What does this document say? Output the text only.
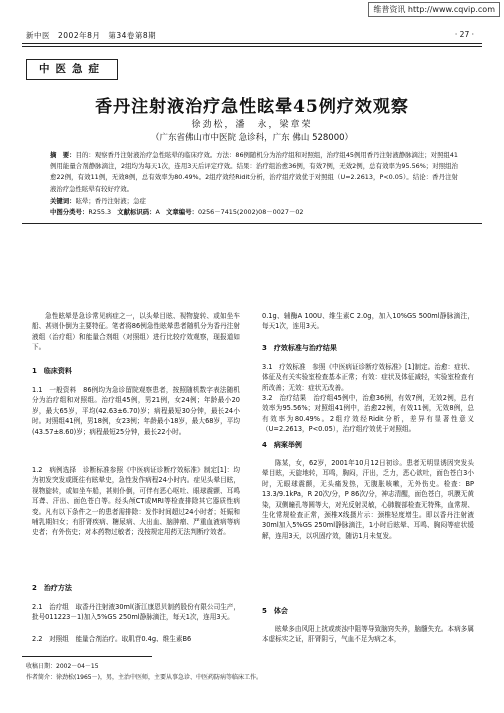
维普资讯 http://www.cqvip.com
新中医　2002年8月　第34卷第8期	· 27 ·
中医急症
香丹注射液治疗急性眩晕45例疗效观察
徐劲松，潘　永，梁章荣
（广东省佛山市中医院 急诊科，广东 佛山 528000）
摘　要：目的：观察香丹注射液治疗急性眩晕的临床疗效。方法：86例随机分为治疗组和对照组，治疗组45例用香丹注射液静脉滴注；对照组41例用能量合剂静脉滴注，2组均为每天1次，连用3天后评定疗效。结果：治疗组治愈36例，有效7例，无效2例，总有效率为95.56%；对照组治愈22例，有效11例，无效8例，总有效率为80.49%。2组疗效经Ridit分析，治疗组疗效优于对照组（U=2.2613，P<0.05）。结论：香丹注射液治疗急性眩晕有较好疗效。
关键词：眩晕；香丹注射液；急症
中图分类号：R255.3 文献标识码：A 文章编号：0256－7415(2002)08－0027－02
急性眩晕是急诊常见病症之一，以头晕目眩、视物旋转、或如坐车船、甚则仆倒为主要特征。笔者将86例急性眩晕患者随机分为香丹注射液组（治疗组）和能量合剂组（对照组）进行比较疗效观察，现报道如下。
1　临床资料
1.1　一般资料　86例均为急诊留院观察患者，按照随机数字表法随机分为治疗组和对照组。治疗组45例，男21例，女24例；年龄最小20岁，最大65岁，平均(42.63±6.70)岁；病程最短30分钟，最长24小时。对照组41例，男18例，女23例；年龄最小18岁，最大68岁，平均(43.57±8.60)岁；病程最短25分钟，最长22小时。
1.2　病例选择　诊断标准参照《中医病证诊断疗效标准》制定[1]：均为初发突发或既往有眩晕史，急性发作病程24小时内。症见头晕目眩，视物旋转，或如坐车船，甚则仆倒，可伴有恶心呕吐、眼球震颤、耳鸣耳聋、汗出、面色苍白等。经头颅CT或MRI等检查排除其它器质性病变。凡有以下条件之一的患者需排除：发作时间超过24小时者；妊娠和哺乳期妇女；有肝肾疾病、糖尿病、大出血、脑肿瘤、严重血液病等病史者；有外伤史；对本药物过敏者；没按规定用药无法判断疗效者。
2　治疗方法
2.1　治疗组　取香丹注射液30ml(浙江康恩贝制药股份有限公司生产，批号011223－1)加入5%GS 250ml静脉滴注，每天1次，连用3天。
2.2　对照组　能量合剂治疗。取肌苷0.4g、维生素B6
0.1g、辅酶A 100U、维生素C 2.0g，加入10%GS 500ml静脉滴注，每天1次，连用3天。
3　疗效标准与治疗结果
3.1　疗效标准　参照《中医病证诊断疗效标准》[1]制定。治愈：症状、体征及有关实验室检查基本正常；有效：症状及体征减轻，实验室检查有所改善；无效：症状无改善。
3.2　治疗结果　治疗组45例中，治愈36例，有效7例，无效2例，总有效率为95.56%；对照组41例中，治愈22例，有效11例，无效8例，总有效率为80.49%。2组疗效经Ridit分析，差异有显著性意义（U=2.2613，P<0.05），治疗组疗效优于对照组。
4　病案举例
陈某，女，62岁，2001年10月12日初诊。患者无明显诱因突发头晕目眩，天旋地转，耳鸣，胸闷，汗出，乏力，恶心欲吐，面色苍白3小时，无眼球震颤，无头痛发热，无腹胀咳嗽，无外伤史。检查：BP 13.3/9.1kPa，R 20次/分，P 86次/分，神志清醒，面色苍白，巩膜无黄染，双侧瞳孔等圆等大，对光反射灵敏，心肺腹部检查无特殊，血常规、生化常规检查正常，颈椎X线摄片示：颈椎轻度增生。即以香丹注射液30ml加入5%GS 250ml静脉滴注，1小时后眩晕、耳鸣、胸闷等症状缓解，连用3天，以巩固疗效，随访1月未复发。
5　体会
眩晕多由风阳上扰或痰浊中阻等导致脑窍失养，脑髓失充。本病多属本虚标实之证，肝肾阴亏，气血不足为病之本，
收稿日期：2002－04－15
作者简介：徐劲松(1965－)，男，主治中医师，主要从事急诊、中医药防病等临床工作。
